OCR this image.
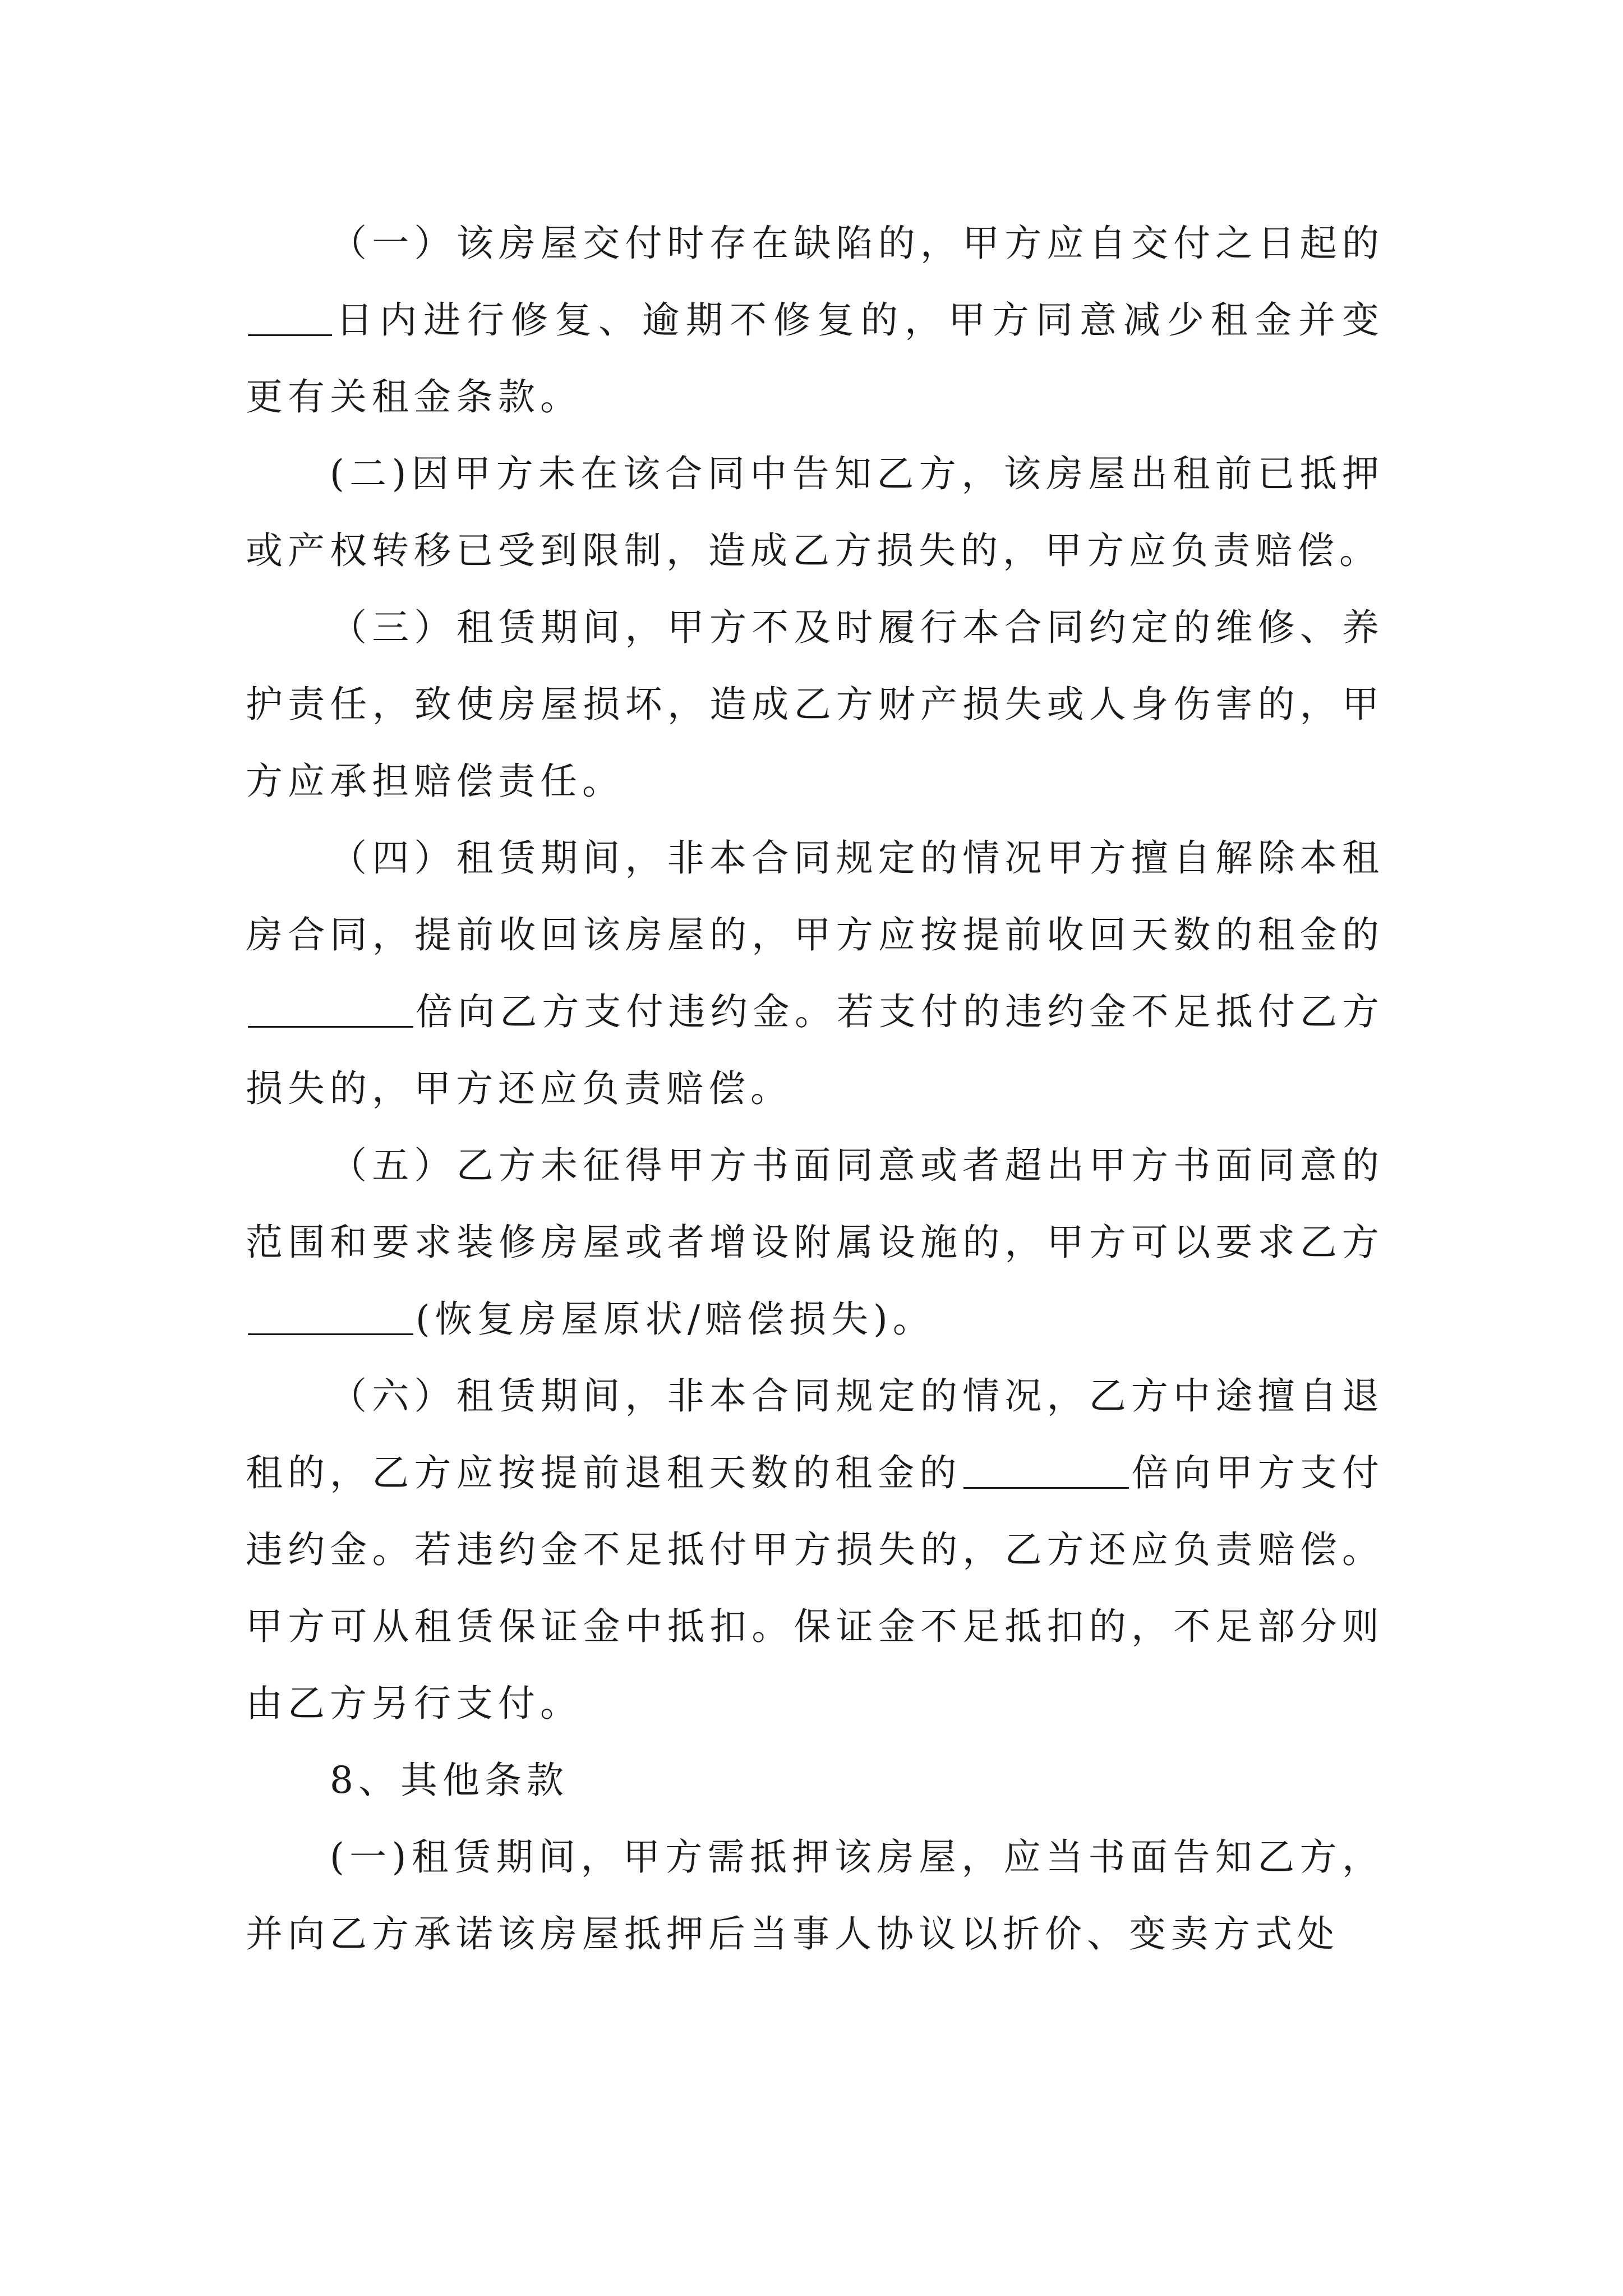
（一）该房屋交付时存在缺陷的，甲方应自交付之日起的日内进行修复、逾期不修复的，甲方同意减少租金并变更有关租金条款。

(二)因甲方未在该合同中告知乙方，该房屋出租前已抵押或产权转移已受到限制，造成乙方损失的，甲方应负责赔偿。

（三）租赁期间，甲方不及时履行本合同约定的维修、养护责任，致使房屋损坏，造成乙方财产损失或人身伤害的，甲方应承担赔偿责任。

（四）租赁期间，非本合同规定的情况甲方擅自解除本租房合同，提前收回该房屋的，甲方应按提前收回天数的租金的倍向乙方支付违约金。若支付的违约金不足抵付乙方损失的，甲方还应负责赔偿。

（五）乙方未征得甲方书面同意或者超出甲方书面同意的范围和要求装修房屋或者增设附属设施的，甲方可以要求乙方(恢复房屋原状/赔偿损失)。

（六）租赁期间，非本合同规定的情况，乙方中途擅自退租的，乙方应按提前退租天数的租金的	倍向甲方支付违约金。若违约金不足抵付甲方损失的，乙方还应负责赔偿。甲方可从租赁保证金中抵扣。保证金不足抵扣的，不足部分则由乙方另行支付。

8、其他条款

(一)租赁期间，甲方需抵押该房屋，应当书面告知乙方，并向乙方承诺该房屋抵押后当事人协议以折价、变卖方式处
